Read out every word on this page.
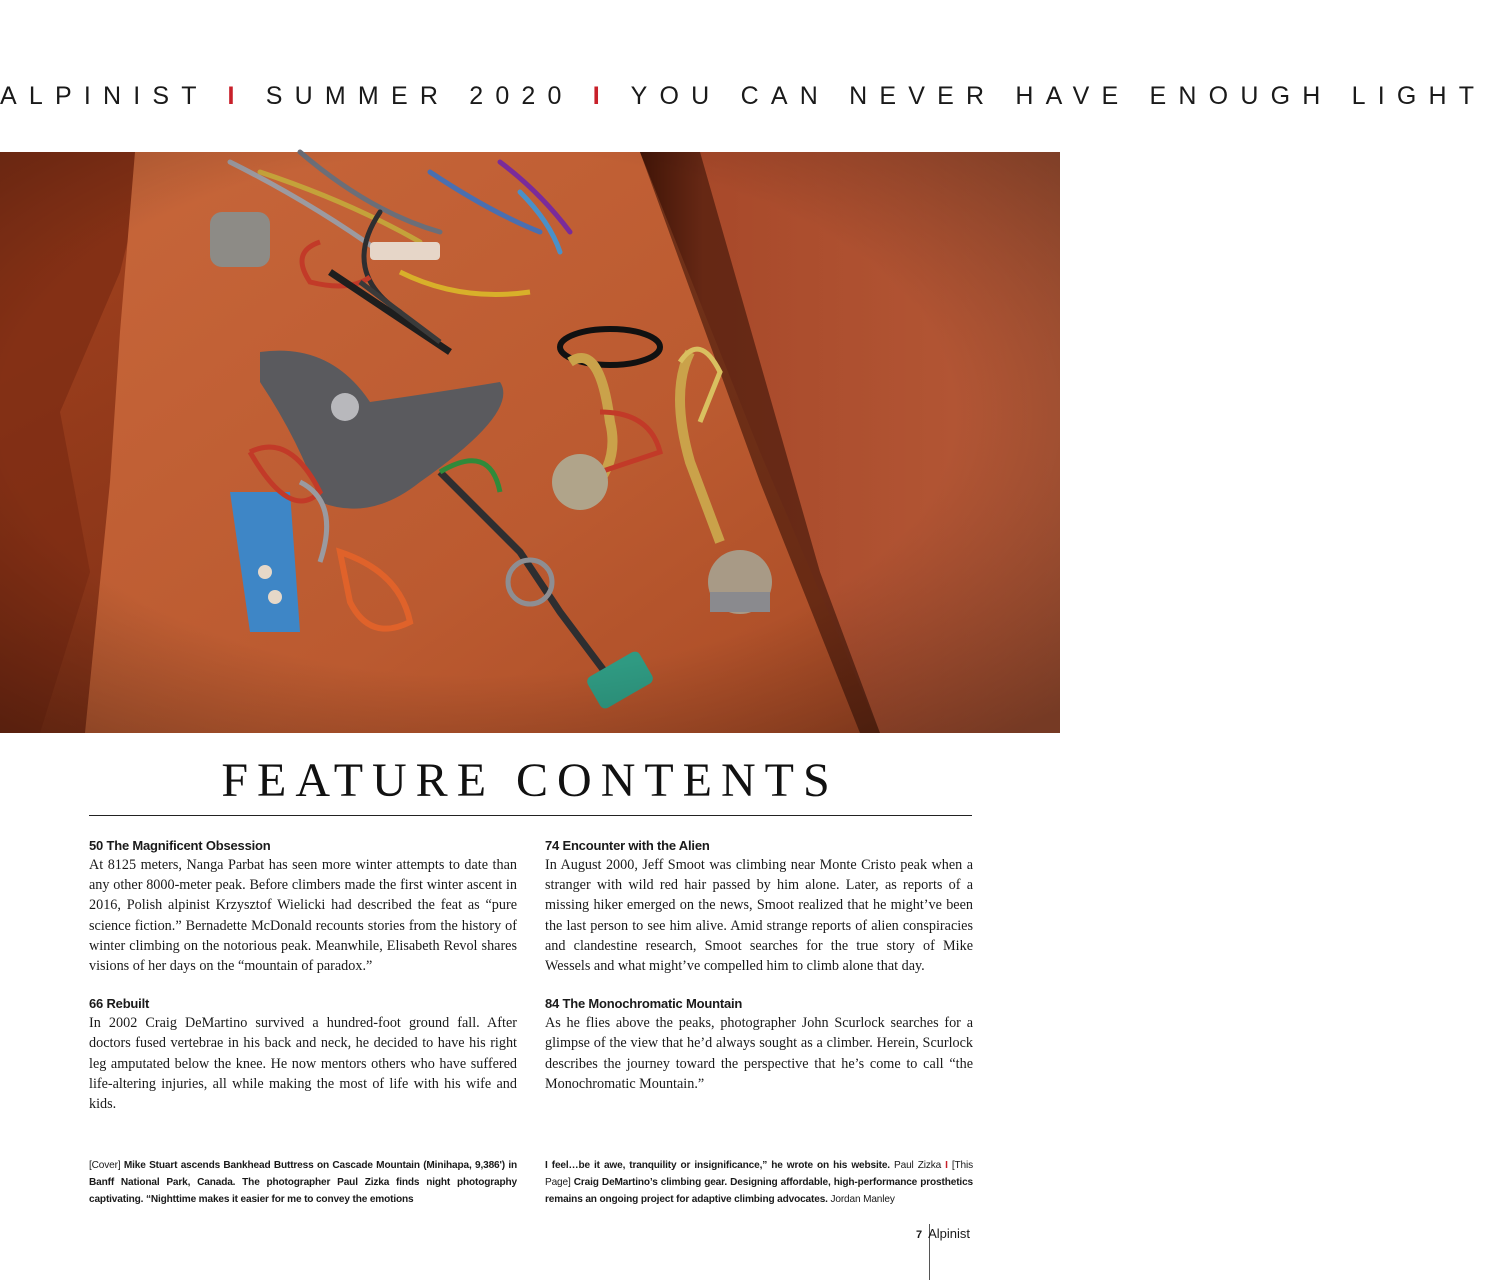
ALPINIST I SUMMER 2020 I YOU CAN NEVER HAVE ENOUGH LIGHT
FEATURE CONTENTS
50 The Magnificent Obsession

At 8125 meters, Nanga Parbat has seen more winter attempts to date than any other 8000-meter peak. Before climbers made the first winter ascent in 2016, Polish alpinist Krzysztof Wielicki had described the feat as “pure science fiction.” Bernadette McDonald recounts stories from the history of winter climbing on the notorious peak. Meanwhile, Elisabeth Revol shares visions of her days on the “mountain of paradox.”

66 Rebuilt

In 2002 Craig DeMartino survived a hundred-foot ground fall. After doctors fused vertebrae in his back and neck, he decided to have his right leg amputated below the knee. He now mentors others who have suffered life-altering injuries, all while making the most of life with his wife and kids.

74 Encounter with the Alien

In August 2000, Jeff Smoot was climbing near Monte Cristo peak when a stranger with wild red hair passed by him alone. Later, as reports of a missing hiker emerged on the news, Smoot realized that he might’ve been the last person to see him alive. Amid strange reports of alien conspiracies and clandestine research, Smoot searches for the true story of Mike Wessels and what might’ve compelled him to climb alone that day.

84 The Monochromatic Mountain

As he flies above the peaks, photographer John Scurlock searches for a glimpse of the view that he’d always sought as a climber. Herein, Scurlock describes the journey toward the perspective that he’s come to call “the Monochromatic Mountain.”

[Cover] Mike Stuart ascends Bankhead Buttress on Cascade Mountain (Minihapa, 9,386') in Banff National Park, Canada. The photographer Paul Zizka finds night photography captivating. “Nighttime makes it easier for me to convey the emotions
I feel…be it awe, tranquility or insignificance,” he wrote on his website. Paul Zizka I [This Page] Craig DeMartino’s climbing gear. Designing affordable, high-performance prosthetics remains an ongoing project for adaptive climbing advocates. Jordan Manley
7 Alpinist
